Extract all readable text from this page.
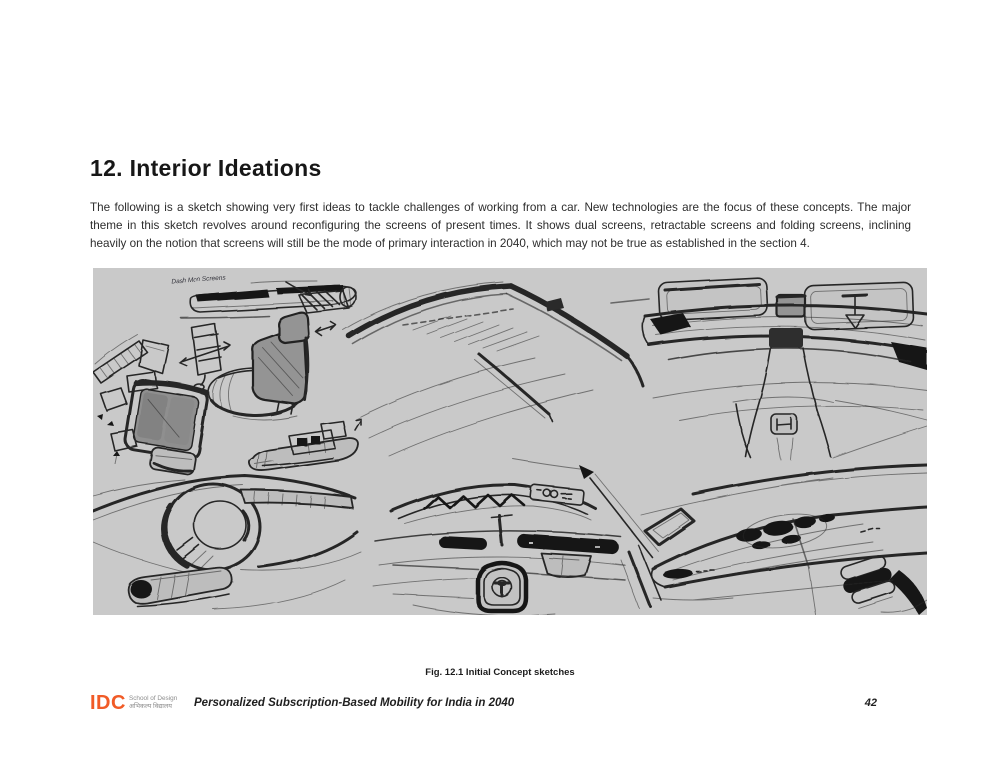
12. Interior Ideations

The following is a sketch showing very first ideas to tackle challenges of working from a car. New technologies are the focus of these concepts. The major theme in this sketch revolves around reconfiguring the screens of present times. It shows dual screens, retractable screens and folding screens, inclining heavily on the notion that screens will still be the mode of primary interaction in 2040, which may not be true as established in the section 4.

Dash Mon Screens
Fig. 12.1 Initial Concept sketches
IDC School of Design
अभिकल्प विद्यालय	Personalized Subscription-Based Mobility for India in 2040	42
